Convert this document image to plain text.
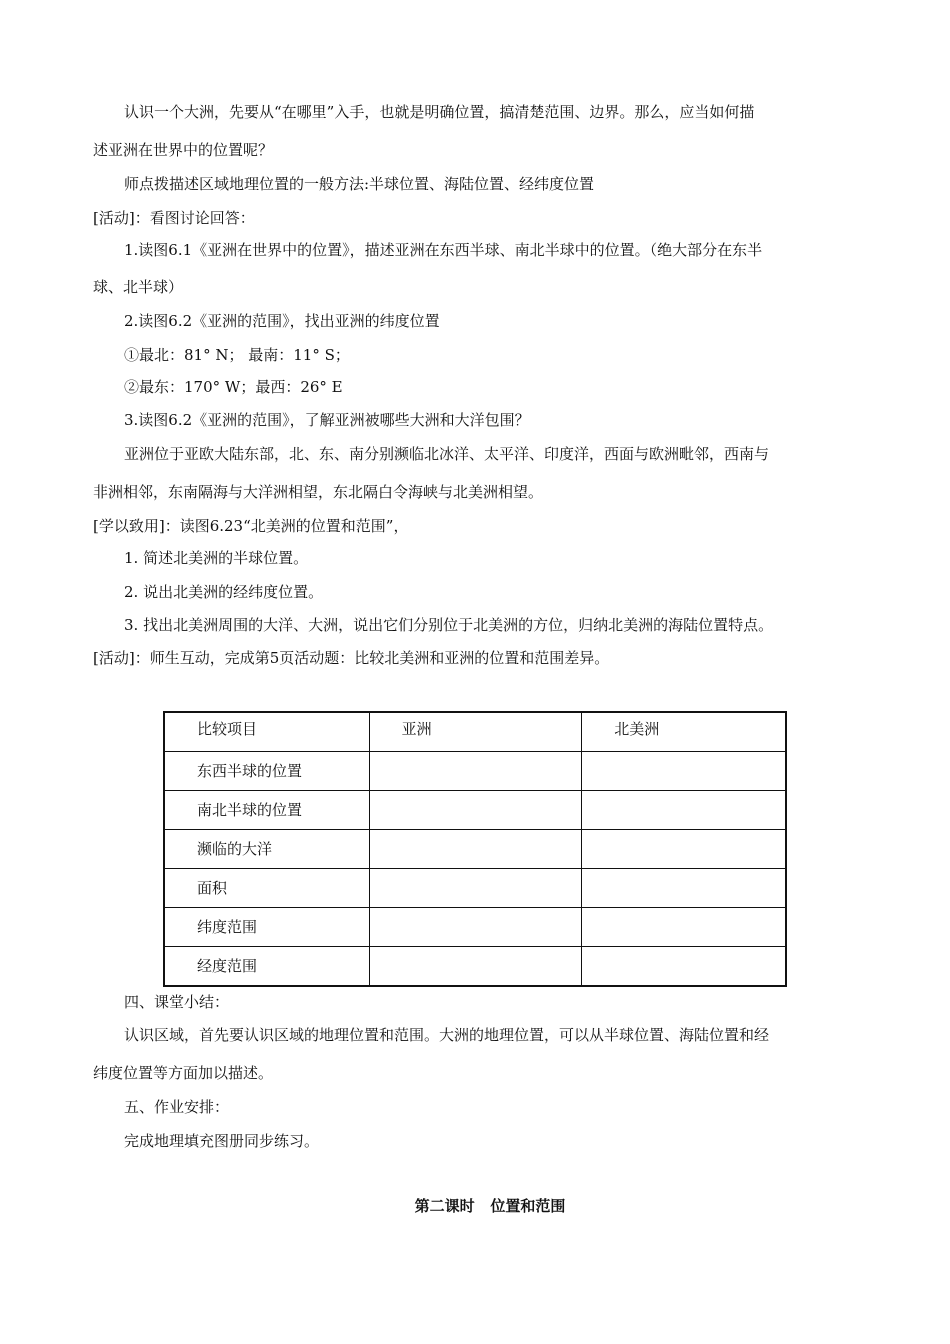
认识一个大洲，先要从“在哪里”入手，也就是明确位置，搞清楚范围、边界。那么，应当如何描
述亚洲在世界中的位置呢？
师点拨描述区域地理位置的一般方法:半球位置、海陆位置、经纬度位置
[活动]：看图讨论回答：
1.读图6.1《亚洲在世界中的位置》，描述亚洲在东西半球、南北半球中的位置。（绝大部分在东半
球、北半球）
2.读图6.2《亚洲的范围》，找出亚洲的纬度位置
①最北：81° N； 最南：11° S；
②最东：170° W；最西：26° E
3.读图6.2《亚洲的范围》，了解亚洲被哪些大洲和大洋包围？
亚洲位于亚欧大陆东部，北、东、南分别濒临北冰洋、太平洋、印度洋，西面与欧洲毗邻，西南与
非洲相邻，东南隔海与大洋洲相望，东北隔白令海峡与北美洲相望。
[学以致用]：读图6.23“北美洲的位置和范围”，
1. 简述北美洲的半球位置。
2. 说出北美洲的经纬度位置。
3. 找出北美洲周围的大洋、大洲，说出它们分别位于北美洲的方位，归纳北美洲的海陆位置特点。
[活动]：师生互动，完成第5页活动题：比较北美洲和亚洲的位置和范围差异。
比较项目	亚洲	北美洲
东西半球的位置		
南北半球的位置		
濒临的大洋		
面积		
纬度范围		
经度范围		
四、课堂小结：
认识区域，首先要认识区域的地理位置和范围。大洲的地理位置，可以从半球位置、海陆位置和经
纬度位置等方面加以描述。
五、作业安排：
完成地理填充图册同步练习。
第二课时   位置和范围
